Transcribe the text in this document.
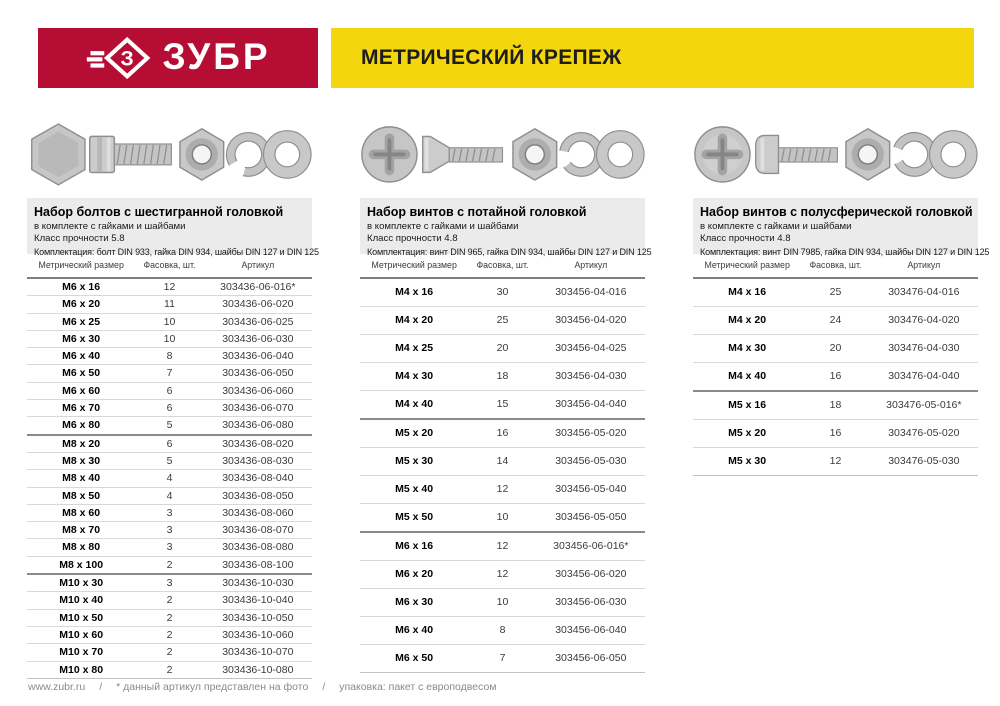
З ЗУБР	МЕТРИЧЕСКИЙ КРЕПЕЖ
Набор болтов с шестигранной головкой
в комплекте с гайками и шайбами
Класс прочности 5.8
Комплектация: болт DIN 933, гайка DIN 934, шайбы DIN 127 и DIN 125
Метрический размер	Фасовка, шт.	Артикул
M6 x 16	12	303436-06-016*
M6 x 20	11	303436-06-020
M6 x 25	10	303436-06-025
M6 x 30	10	303436-06-030
M6 x 40	8	303436-06-040
M6 x 50	7	303436-06-050
M6 x 60	6	303436-06-060
M6 x 70	6	303436-06-070
M6 x 80	5	303436-06-080
M8 x 20	6	303436-08-020
M8 x 30	5	303436-08-030
M8 x 40	4	303436-08-040
M8 x 50	4	303436-08-050
M8 x 60	3	303436-08-060
M8 x 70	3	303436-08-070
M8 x 80	3	303436-08-080
M8 x 100	2	303436-08-100
M10 x 30	3	303436-10-030
M10 x 40	2	303436-10-040
M10 x 50	2	303436-10-050
M10 x 60	2	303436-10-060
M10 x 70	2	303436-10-070
M10 x 80	2	303436-10-080
Набор винтов с потайной головкой
в комплекте с гайками и шайбами
Класс прочности 4.8
Комплектация: винт DIN 965, гайка DIN 934, шайбы DIN 127 и DIN 125
Метрический размер	Фасовка, шт.	Артикул
M4 x 16	30	303456-04-016
M4 x 20	25	303456-04-020
M4 x 25	20	303456-04-025
M4 x 30	18	303456-04-030
M4 x 40	15	303456-04-040
M5 x 20	16	303456-05-020
M5 x 30	14	303456-05-030
M5 x 40	12	303456-05-040
M5 x 50	10	303456-05-050
M6 x 16	12	303456-06-016*
M6 x 20	12	303456-06-020
M6 x 30	10	303456-06-030
M6 x 40	8	303456-06-040
M6 x 50	7	303456-06-050
Набор винтов с полусферической головкой
в комплекте с гайками и шайбами
Класс прочности 4.8
Комплектация: винт DIN 7985, гайка DIN 934, шайбы DIN 127 и DIN 125
Метрический размер	Фасовка, шт.	Артикул
M4 x 16	25	303476-04-016
M4 x 20	24	303476-04-020
M4 x 30	20	303476-04-030
M4 x 40	16	303476-04-040
M5 x 16	18	303476-05-016*
M5 x 20	16	303476-05-020
M5 x 30	12	303476-05-030
www.zubr.ru / * данный артикул представлен на фото / упаковка: пакет с европодвесом
